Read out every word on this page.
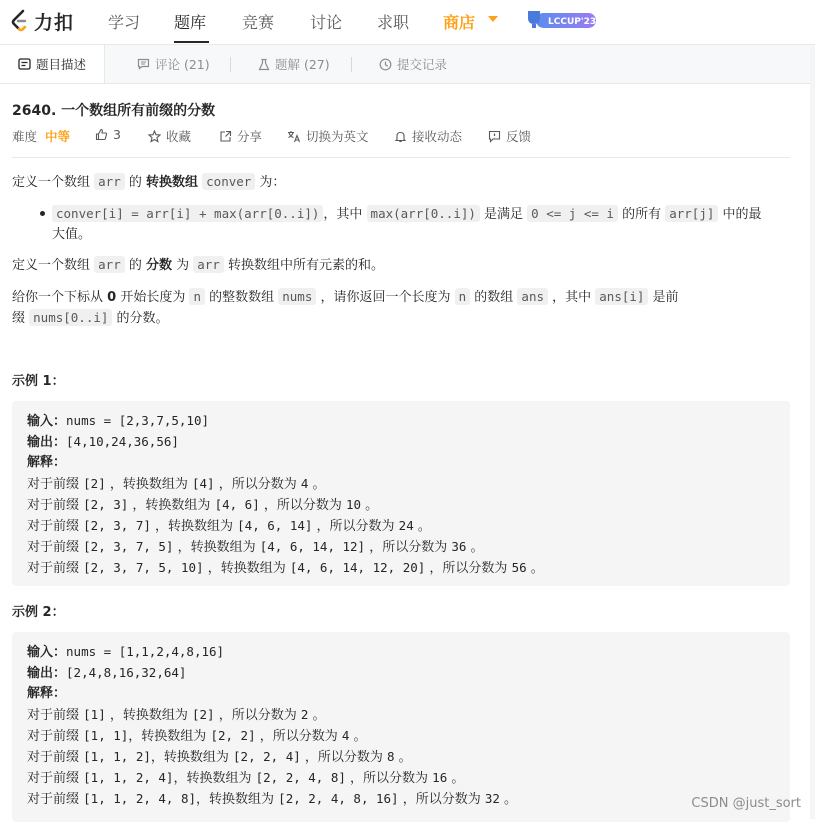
力扣 学习 题库 竞赛 讨论 求职 商店	LCCUP'23
题目描述	评论 (21)	题解 (27)	提交记录
2640. 一个数组所有前缀的分数
难度 中等	3	收藏	分享	切换为英文	接收动态	反馈
定义一个数组 arr 的 转换数组 conver 为：
conver[i] = arr[i] + max(arr[0..i]) ，其中 max(arr[0..i]) 是满足 0 <= j <= i 的所有 arr[j] 中的最
大值。
定义一个数组 arr 的 分数 为 arr 转换数组中所有元素的和。
给你一个下标从 0 开始长度为 n 的整数数组 nums ，请你返回一个长度为 n 的数组 ans ，其中 ans[i] 是前
缀 nums[0..i] 的分数。
示例 1：
输入：nums = [2,3,7,5,10]
输出：[4,10,24,36,56]
解释：
对于前缀 [2] ，转换数组为 [4] ，所以分数为 4 。
对于前缀 [2, 3] ，转换数组为 [4, 6] ，所以分数为 10 。
对于前缀 [2, 3, 7] ，转换数组为 [4, 6, 14] ，所以分数为 24 。
对于前缀 [2, 3, 7, 5] ，转换数组为 [4, 6, 14, 12] ，所以分数为 36 。
对于前缀 [2, 3, 7, 5, 10] ，转换数组为 [4, 6, 14, 12, 20] ，所以分数为 56 。
示例 2：
输入：nums = [1,1,2,4,8,16]
输出：[2,4,8,16,32,64]
解释：
对于前缀 [1] ，转换数组为 [2] ，所以分数为 2 。
对于前缀 [1, 1]，转换数组为 [2, 2] ，所以分数为 4 。
对于前缀 [1, 1, 2]，转换数组为 [2, 2, 4] ，所以分数为 8 。
对于前缀 [1, 1, 2, 4]，转换数组为 [2, 2, 4, 8] ，所以分数为 16 。
对于前缀 [1, 1, 2, 4, 8]，转换数组为 [2, 2, 4, 8, 16] ，所以分数为 32 。	CSDN @just_sort
